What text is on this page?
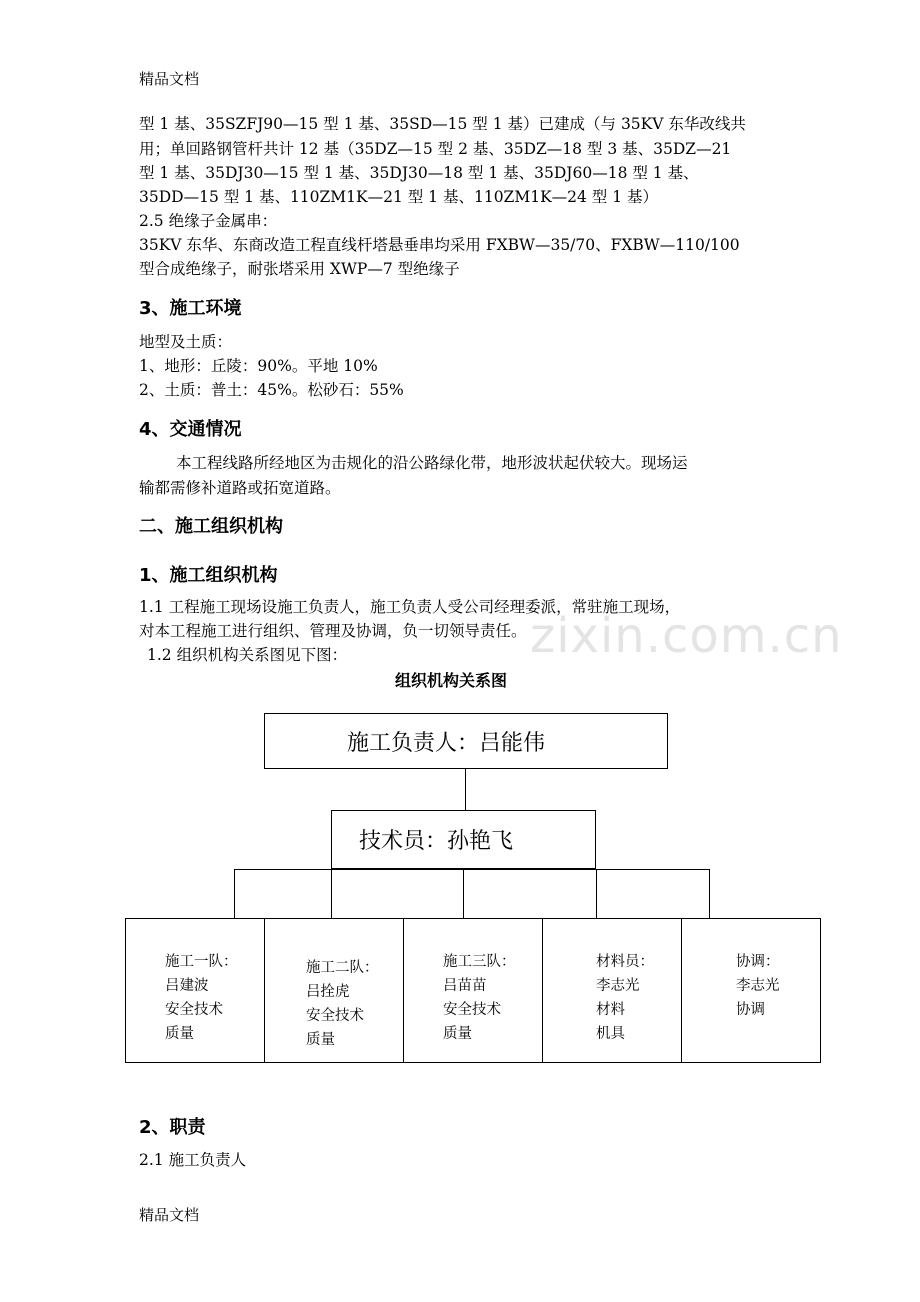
zixin.com.cn
精品文档
型 1 基、35SZFJ90—15 型 1 基、35SD—15 型 1 基）已建成（与 35KV 东华改线共
用；单回路钢管杆共计 12 基（35DZ—15 型 2 基、35DZ—18 型 3 基、35DZ—21
型 1 基、35DJ30—15 型 1 基、35DJ30—18 型 1 基、35DJ60—18 型 1 基、
35DD—15 型 1 基、110ZM1K—21 型 1 基、110ZM1K—24 型 1 基）
2.5 绝缘子金属串：
35KV 东华、东商改造工程直线杆塔悬垂串均采用 FXBW—35/70、FXBW—110/100
型合成绝缘子，耐张塔采用 XWP—7 型绝缘子
3、施工环境
地型及土质：
1、地形：丘陵：90%。平地 10%
2、土质：普土：45%。松砂石：55%
4、交通情况
本工程线路所经地区为击规化的沿公路绿化带，地形波状起伏较大。现场运
输都需修补道路或拓宽道路。
二、施工组织机构
1、施工组织机构
1.1 工程施工现场设施工负责人，施工负责人受公司经理委派，常驻施工现场，
对本工程施工进行组织、管理及协调，负一切领导责任。
1.2 组织机构关系图见下图：
组织机构关系图
施工负责人：吕能伟
技术员：孙艳飞
施工一队：
吕建波
安全技术
质量
施工二队：
吕拴虎
安全技术
质量
施工三队：
吕苗苗
安全技术
质量
材料员：
李志光
材料
机具
协调：
李志光
协调
2、职责
2.1 施工负责人
精品文档
